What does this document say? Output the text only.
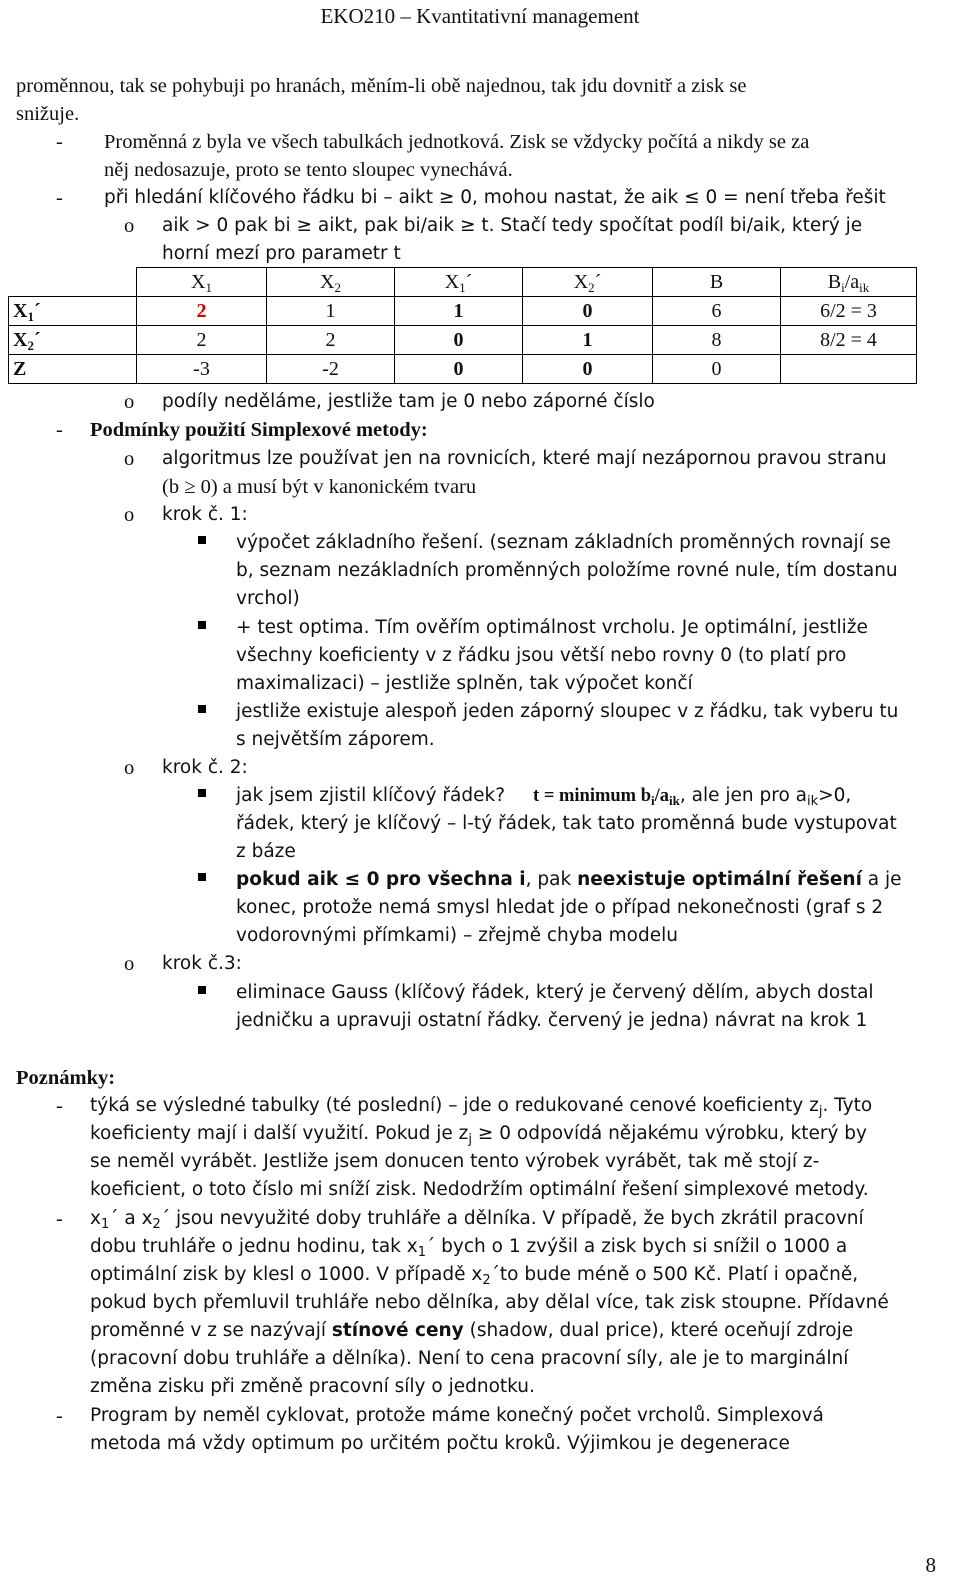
EKO210 – Kvantitativní management
proměnnou, tak se pohybuji po hranách, měním-li obě najednou, tak jdu dovnitř a zisk se
snižuje.
- Proměnná z byla ve všech tabulkách jednotková. Zisk se vždycky počítá a nikdy se za
něj nedosazuje, proto se tento sloupec vynechává.
- při hledání klíčového řádku bi – aikt ≥ 0, mohou nastat, že aik ≤ 0 = není třeba řešit
o aik > 0 pak bi ≥ aikt, pak bi/aik ≥ t. Stačí tedy spočítat podíl bi/aik, který je
horní mezí pro parametr t
	$X_1$	$X_2$	$X_1´$	$X_2´$	B	$B_i/a_{ik}$
$X_1´$	2	1	1	0	6	6/2 = 3
$X_2´$	2	2	0	1	8	8/2 = 4
Z	-3	-2	0	0	0	
o podíly neděláme, jestliže tam je 0 nebo záporné číslo
- Podmínky použití Simplexové metody:
o algoritmus lze používat jen na rovnicích, které mají nezápornou pravou stranu
(b ≥ 0) a musí být v kanonickém tvaru
o krok č. 1:
výpočet základního řešení. (seznam základních proměnných rovnají se
b, seznam nezákladních proměnných položíme rovné nule, tím dostanu
vrchol)
+ test optima. Tím ověřím optimálnost vrcholu. Je optimální, jestliže
všechny koeficienty v z řádku jsou větší nebo rovny 0 (to platí pro
maximalizaci) – jestliže splněn, tak výpočet končí
jestliže existuje alespoň jeden záporný sloupec v z řádku, tak vyberu tu
s největším záporem.
o krok č. 2:
jak jsem zjistil klíčový řádek? t = minimum $b_i/a_{ik}$, ale jen pro $a_{ik}>0$,
řádek, který je klíčový – l-tý řádek, tak tato proměnná bude vystupovat
z báze
pokud aik ≤ 0 pro všechna i, pak neexistuje optimální řešení a je
konec, protože nemá smysl hledat jde o případ nekonečnosti (graf s 2
vodorovnými přímkami) – zřejmě chyba modelu
o krok č.3:
eliminace Gauss (klíčový řádek, který je červený dělím, abych dostal
jedničku a upravuji ostatní řádky. červený je jedna) návrat na krok 1
Poznámky:
- týká se výsledné tabulky (té poslední) – jde o redukované cenové koeficienty $z_j$. Tyto
koeficienty mají i další využití. Pokud je $z_j \ge 0$ odpovídá nějakému výrobku, který by
se neměl vyrábět. Jestliže jsem donucen tento výrobek vyrábět, tak mě stojí z-
koeficient, o toto číslo mi sníží zisk. Nedodržím optimální řešení simplexové metody.
- $x_1´$ a $x_2´$ jsou nevyužité doby truhláře a dělníka. V případě, že bych zkrátil pracovní
dobu truhláře o jednu hodinu, tak $x_1´$ bych o 1 zvýšil a zisk bych si snížil o 1000 a
optimální zisk by klesl o 1000. V případě $x_2´to$ bude méně o 500 Kč. Platí i opačně,
pokud bych přemluvil truhláře nebo dělníka, aby dělal více, tak zisk stoupne. Přídavné
proměnné v z se nazývají stínové ceny (shadow, dual price), které oceňují zdroje
(pracovní dobu truhláře a dělníka). Není to cena pracovní síly, ale je to marginální
změna zisku při změně pracovní síly o jednotku.
- Program by neměl cyklovat, protože máme konečný počet vrcholů. Simplexová
metoda má vždy optimum po určitém počtu kroků. Výjimkou je degenerace
8
